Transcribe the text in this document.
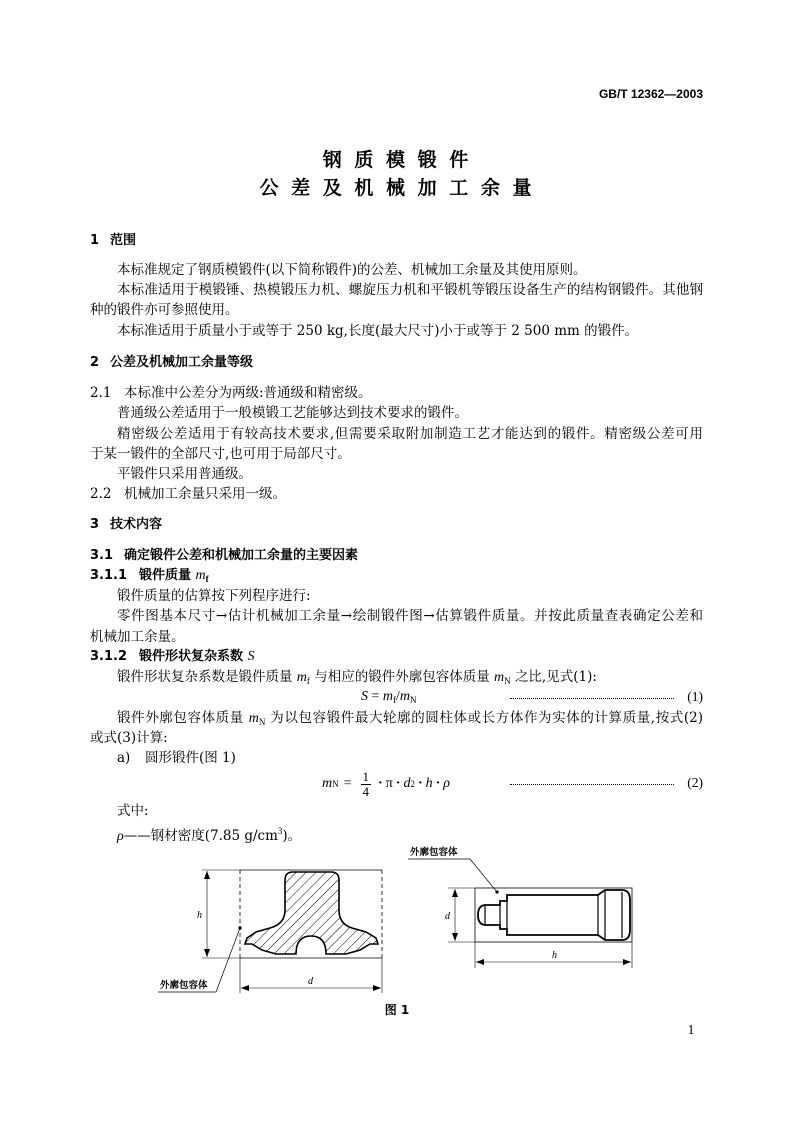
GB/T 12362—2003
钢 质 模 锻 件
公 差 及 机 械 加 工 余 量
1 范围
本标准规定了钢质模锻件(以下简称锻件)的公差、机械加工余量及其使用原则。
本标准适用于模锻锤、热模锻压力机、螺旋压力机和平锻机等锻压设备生产的结构钢锻件。其他钢
种的锻件亦可参照使用。
本标准适用于质量小于或等于 250 kg,长度(最大尺寸)小于或等于 2 500 mm 的锻件。
2 公差及机械加工余量等级
2.1 本标准中公差分为两级:普通级和精密级。
普通级公差适用于一般模锻工艺能够达到技术要求的锻件。
精密级公差适用于有较高技术要求,但需要采取附加制造工艺才能达到的锻件。精密级公差可用
于某一锻件的全部尺寸,也可用于局部尺寸。
平锻件只采用普通级。
2.2 机械加工余量只采用一级。
3 技术内容
3.1 确定锻件公差和机械加工余量的主要因素
3.1.1 锻件质量 $m_f$
锻件质量的估算按下列程序进行:
零件图基本尺寸→估计机械加工余量→绘制锻件图→估算锻件质量。并按此质量查表确定公差和
机械加工余量。
3.1.2 锻件形状复杂系数 S
锻件形状复杂系数是锻件质量 $m_f$ 与相应的锻件外廓包容体质量 $m_N$ 之比,见式(1):
$S = m_f/m_N$	(1)
锻件外廓包容体质量 $m_N$ 为以包容锻件最大轮廓的圆柱体或长方体作为实体的计算质量,按式(2)
或式(3)计算:
a) 圆形锻件(图 1)
m $N = \frac{1}{4} \cdot \pi \cdot d$ 2 · h · ρ	(2)
式中:
ρ——钢材密度(7.85 $g/cm^3$)。
h
d
外廓包容体
外廓包容体
d
h
图 1
1
